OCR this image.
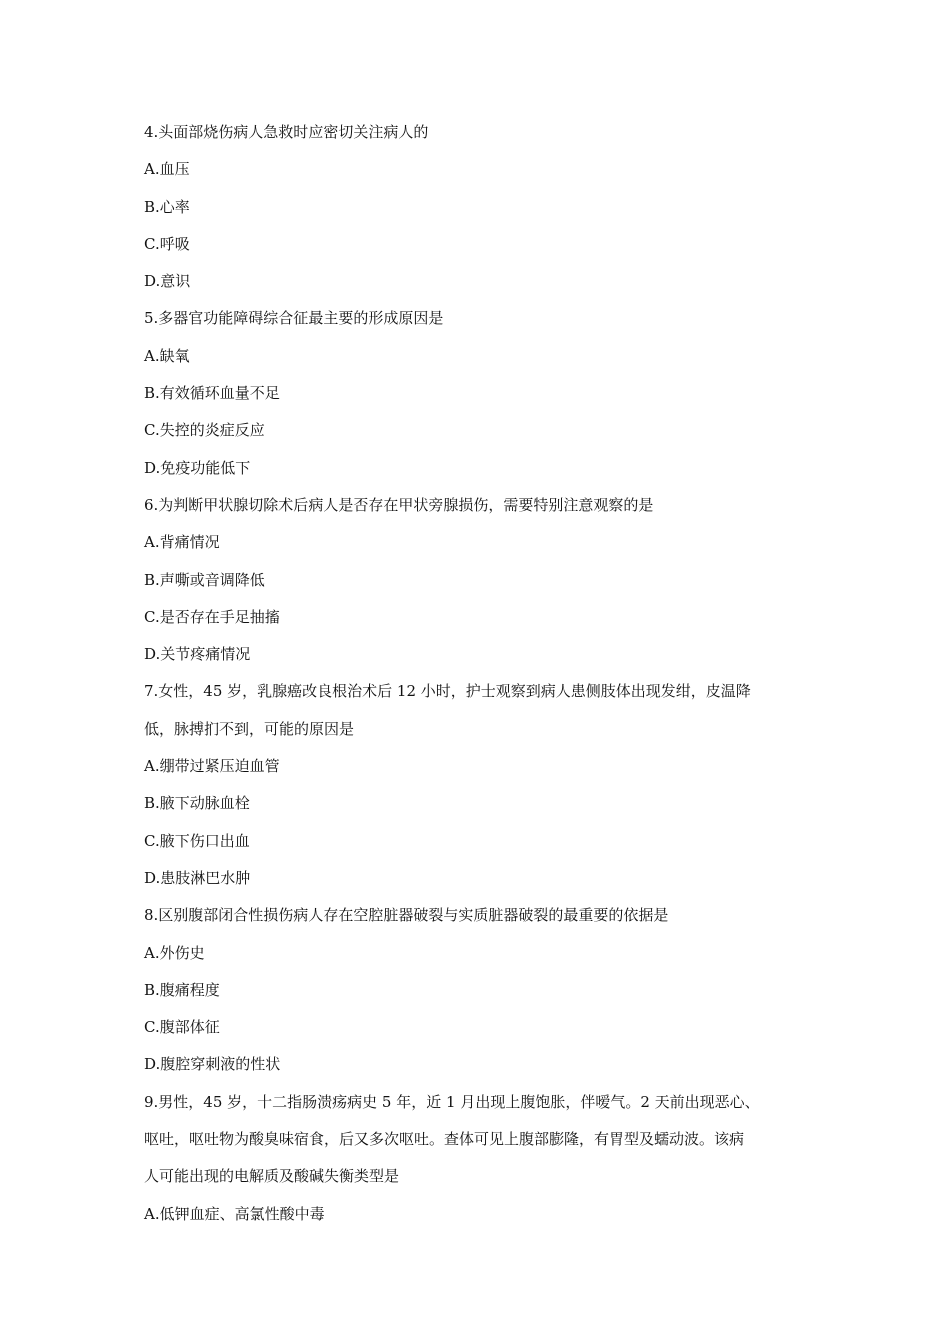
4.头面部烧伤病人急救时应密切关注病人的
A.血压
B.心率
C.呼吸
D.意识
5.多器官功能障碍综合征最主要的形成原因是
A.缺氧
B.有效循环血量不足
C.失控的炎症反应
D.免疫功能低下
6.为判断甲状腺切除术后病人是否存在甲状旁腺损伤，需要特别注意观察的是
A.背痛情况
B.声嘶或音调降低
C.是否存在手足抽搐
D.关节疼痛情况
7.女性，45 岁，乳腺癌改良根治术后 12 小时，护士观察到病人患侧肢体出现发绀，皮温降
低，脉搏扪不到，可能的原因是
A.绷带过紧压迫血管
B.腋下动脉血栓
C.腋下伤口出血
D.患肢淋巴水肿
8.区别腹部闭合性损伤病人存在空腔脏器破裂与实质脏器破裂的最重要的依据是
A.外伤史
B.腹痛程度
C.腹部体征
D.腹腔穿刺液的性状
9.男性，45 岁，十二指肠溃疡病史 5 年，近 1 月出现上腹饱胀，伴嗳气。2 天前出现恶心、
呕吐，呕吐物为酸臭味宿食，后又多次呕吐。查体可见上腹部膨隆，有胃型及蠕动波。该病
人可能出现的电解质及酸碱失衡类型是
A.低钾血症、高氯性酸中毒
